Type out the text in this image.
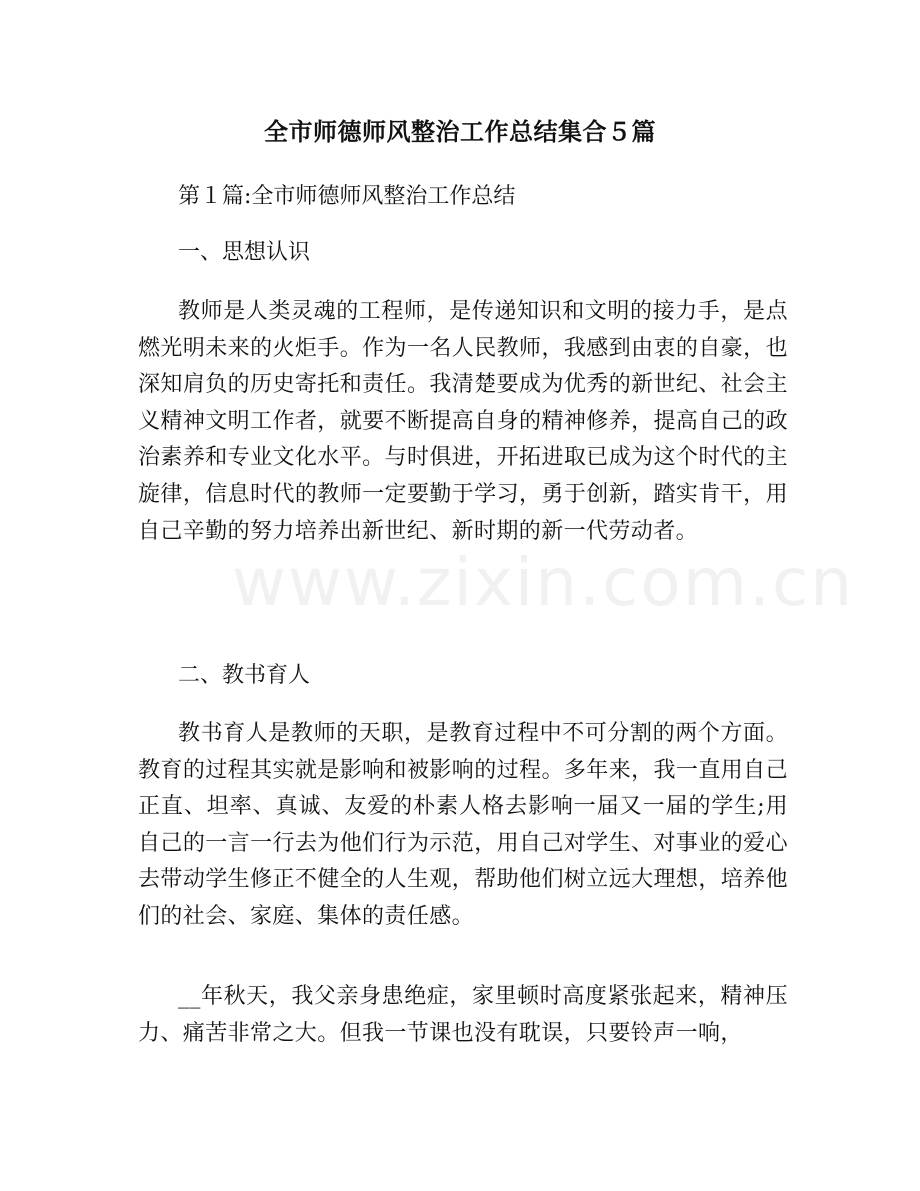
全市师德师风整治工作总结集合５篇
第１篇:全市师德师风整治工作总结
一、思想认识
教师是人类灵魂的工程师，是传递知识和文明的接力手，是点燃光明未来的火炬手。作为一名人民教师，我感到由衷的自豪，也深知肩负的历史寄托和责任。我清楚要成为优秀的新世纪、社会主义精神文明工作者，就要不断提高自身的精神修养，提高自己的政治素养和专业文化水平。与时俱进，开拓进取已成为这个时代的主旋律，信息时代的教师一定要勤于学习，勇于创新，踏实肯干，用自己辛勤的努力培养出新世纪、新时期的新一代劳动者。
二、教书育人
教书育人是教师的天职，是教育过程中不可分割的两个方面。教育的过程其实就是影响和被影响的过程。多年来，我一直用自己正直、坦率、真诚、友爱的朴素人格去影响一届又一届的学生;用自己的一言一行去为他们行为示范，用自己对学生、对事业的爱心去带动学生修正不健全的人生观，帮助他们树立远大理想，培养他们的社会、家庭、集体的责任感。
__年秋天，我父亲身患绝症，家里顿时高度紧张起来，精神压力、痛苦非常之大。但我一节课也没有耽误，只要铃声一响，
www.zixin.com.cn
